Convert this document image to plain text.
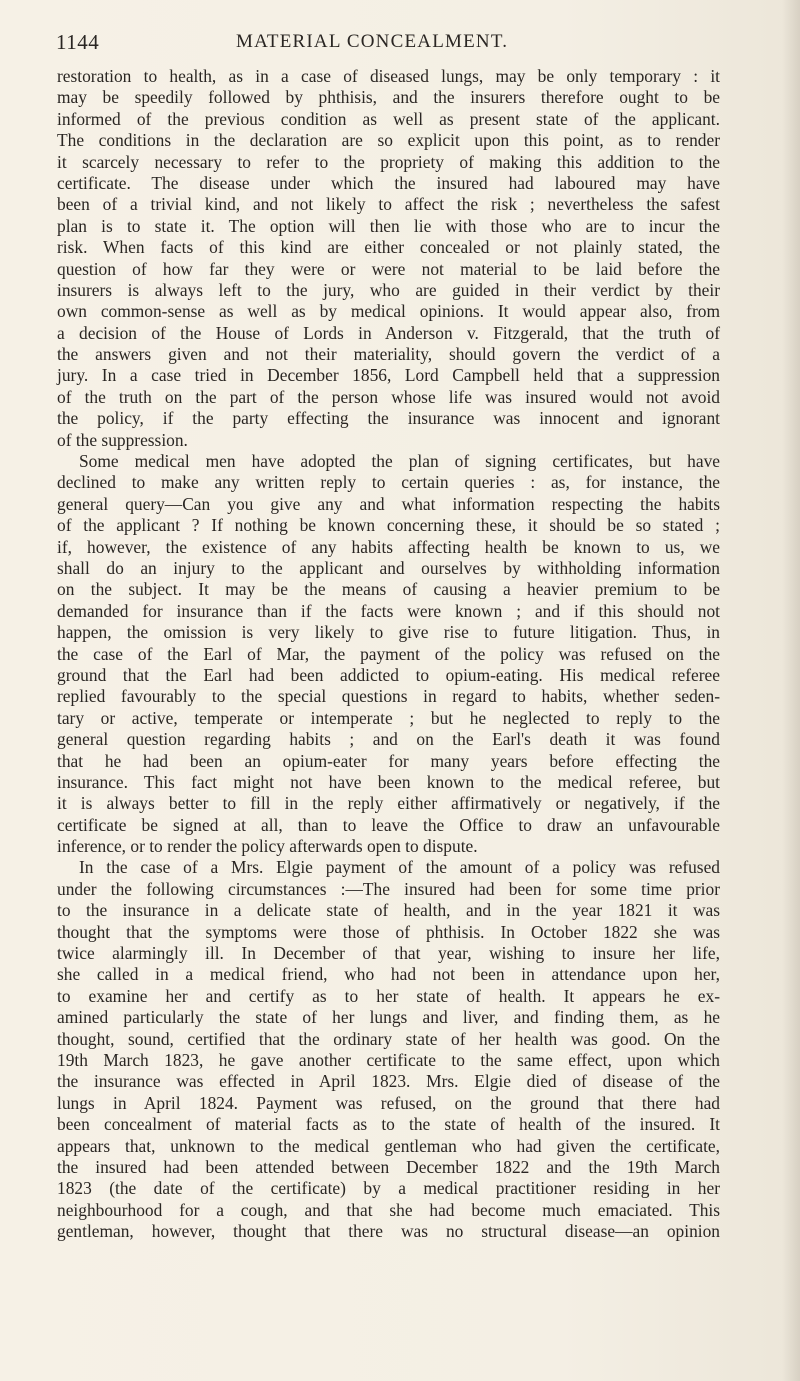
1144	MATERIAL CONCEALMENT.
restoration to health, as in a case of diseased lungs, may be only temporary : it
may be speedily followed by phthisis, and the insurers therefore ought to be
informed of the previous condition as well as present state of the applicant.
The conditions in the declaration are so explicit upon this point, as to render
it scarcely necessary to refer to the propriety of making this addition to the
certificate. The disease under which the insured had laboured may have
been of a trivial kind, and not likely to affect the risk ; nevertheless the safest
plan is to state it. The option will then lie with those who are to incur the
risk. When facts of this kind are either concealed or not plainly stated, the
question of how far they were or were not material to be laid before the
insurers is always left to the jury, who are guided in their verdict by their
own common-sense as well as by medical opinions. It would appear also, from
a decision of the House of Lords in Anderson v. Fitzgerald, that the truth of
the answers given and not their materiality, should govern the verdict of a
jury. In a case tried in December 1856, Lord Campbell held that a suppression
of the truth on the part of the person whose life was insured would not avoid
the policy, if the party effecting the insurance was innocent and ignorant
of the suppression.
Some medical men have adopted the plan of signing certificates, but have
declined to make any written reply to certain queries : as, for instance, the
general query—Can you give any and what information respecting the habits
of the applicant ? If nothing be known concerning these, it should be so stated ;
if, however, the existence of any habits affecting health be known to us, we
shall do an injury to the applicant and ourselves by withholding information
on the subject. It may be the means of causing a heavier premium to be
demanded for insurance than if the facts were known ; and if this should not
happen, the omission is very likely to give rise to future litigation. Thus, in
the case of the Earl of Mar, the payment of the policy was refused on the
ground that the Earl had been addicted to opium-eating. His medical referee
replied favourably to the special questions in regard to habits, whether seden-
tary or active, temperate or intemperate ; but he neglected to reply to the
general question regarding habits ; and on the Earl's death it was found
that he had been an opium-eater for many years before effecting the
insurance. This fact might not have been known to the medical referee, but
it is always better to fill in the reply either affirmatively or negatively, if the
certificate be signed at all, than to leave the Office to draw an unfavourable
inference, or to render the policy afterwards open to dispute.
In the case of a Mrs. Elgie payment of the amount of a policy was refused
under the following circumstances :—The insured had been for some time prior
to the insurance in a delicate state of health, and in the year 1821 it was
thought that the symptoms were those of phthisis. In October 1822 she was
twice alarmingly ill. In December of that year, wishing to insure her life,
she called in a medical friend, who had not been in attendance upon her,
to examine her and certify as to her state of health. It appears he ex-
amined particularly the state of her lungs and liver, and finding them, as he
thought, sound, certified that the ordinary state of her health was good. On the
19th March 1823, he gave another certificate to the same effect, upon which
the insurance was effected in April 1823. Mrs. Elgie died of disease of the
lungs in April 1824. Payment was refused, on the ground that there had
been concealment of material facts as to the state of health of the insured. It
appears that, unknown to the medical gentleman who had given the certificate,
the insured had been attended between December 1822 and the 19th March
1823 (the date of the certificate) by a medical practitioner residing in her
neighbourhood for a cough, and that she had become much emaciated. This
gentleman, however, thought that there was no structural disease—an opinion
